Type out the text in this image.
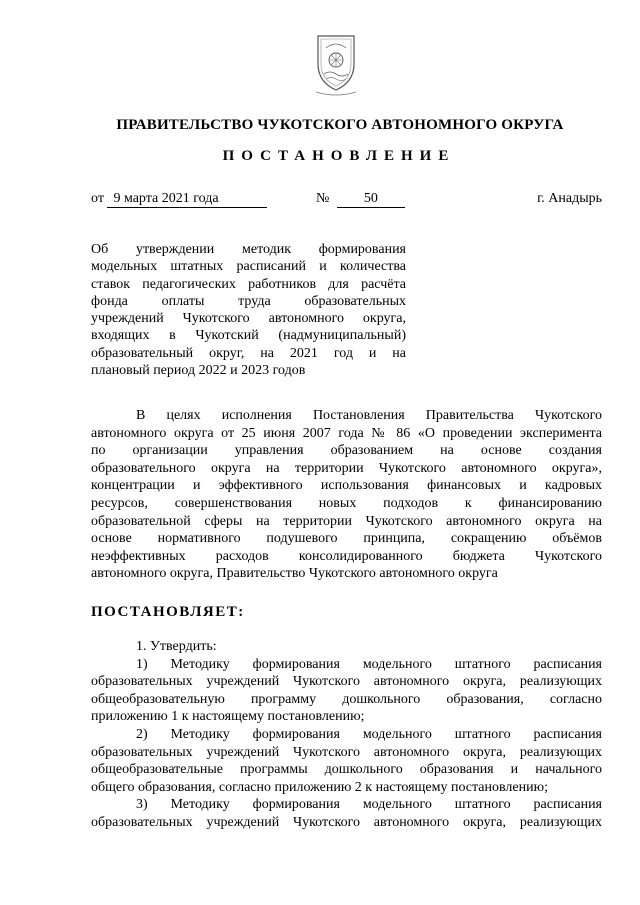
ПРАВИТЕЛЬСТВО ЧУКОТСКОГО АВТОНОМНОГО ОКРУГА
ПОСТАНОВЛЕНИЕ
от 9 марта 2021 года	№ 50	г. Анадырь
Об утверждении методик формирования
модельных штатных расписаний и количества
ставок педагогических работников для расчёта
фонда оплаты труда образовательных
учреждений Чукотского автономного округа,
входящих в Чукотский (надмуниципальный)
образовательный округ, на 2021 год и на
плановый период 2022 и 2023 годов
В целях исполнения Постановления Правительства Чукотского
автономного округа от 25 июня 2007 года № 86 «О проведении эксперимента
по организации управления образованием на основе создания
образовательного округа на территории Чукотского автономного округа»,
концентрации и эффективного использования финансовых и кадровых
ресурсов, совершенствования новых подходов к финансированию
образовательной сферы на территории Чукотского автономного округа на
основе нормативного подушевого принципа, сокращению объёмов
неэффективных расходов консолидированного бюджета Чукотского
автономного округа, Правительство Чукотского автономного округа
ПОСТАНОВЛЯЕТ:
1. Утвердить:
1) Методику формирования модельного штатного расписания
образовательных учреждений Чукотского автономного округа, реализующих
общеобразовательную программу дошкольного образования, согласно
приложению 1 к настоящему постановлению;
2) Методику формирования модельного штатного расписания
образовательных учреждений Чукотского автономного округа, реализующих
общеобразовательные программы дошкольного образования и начального
общего образования, согласно приложению 2 к настоящему постановлению;
3) Методику формирования модельного штатного расписания
образовательных учреждений Чукотского автономного округа, реализующих
